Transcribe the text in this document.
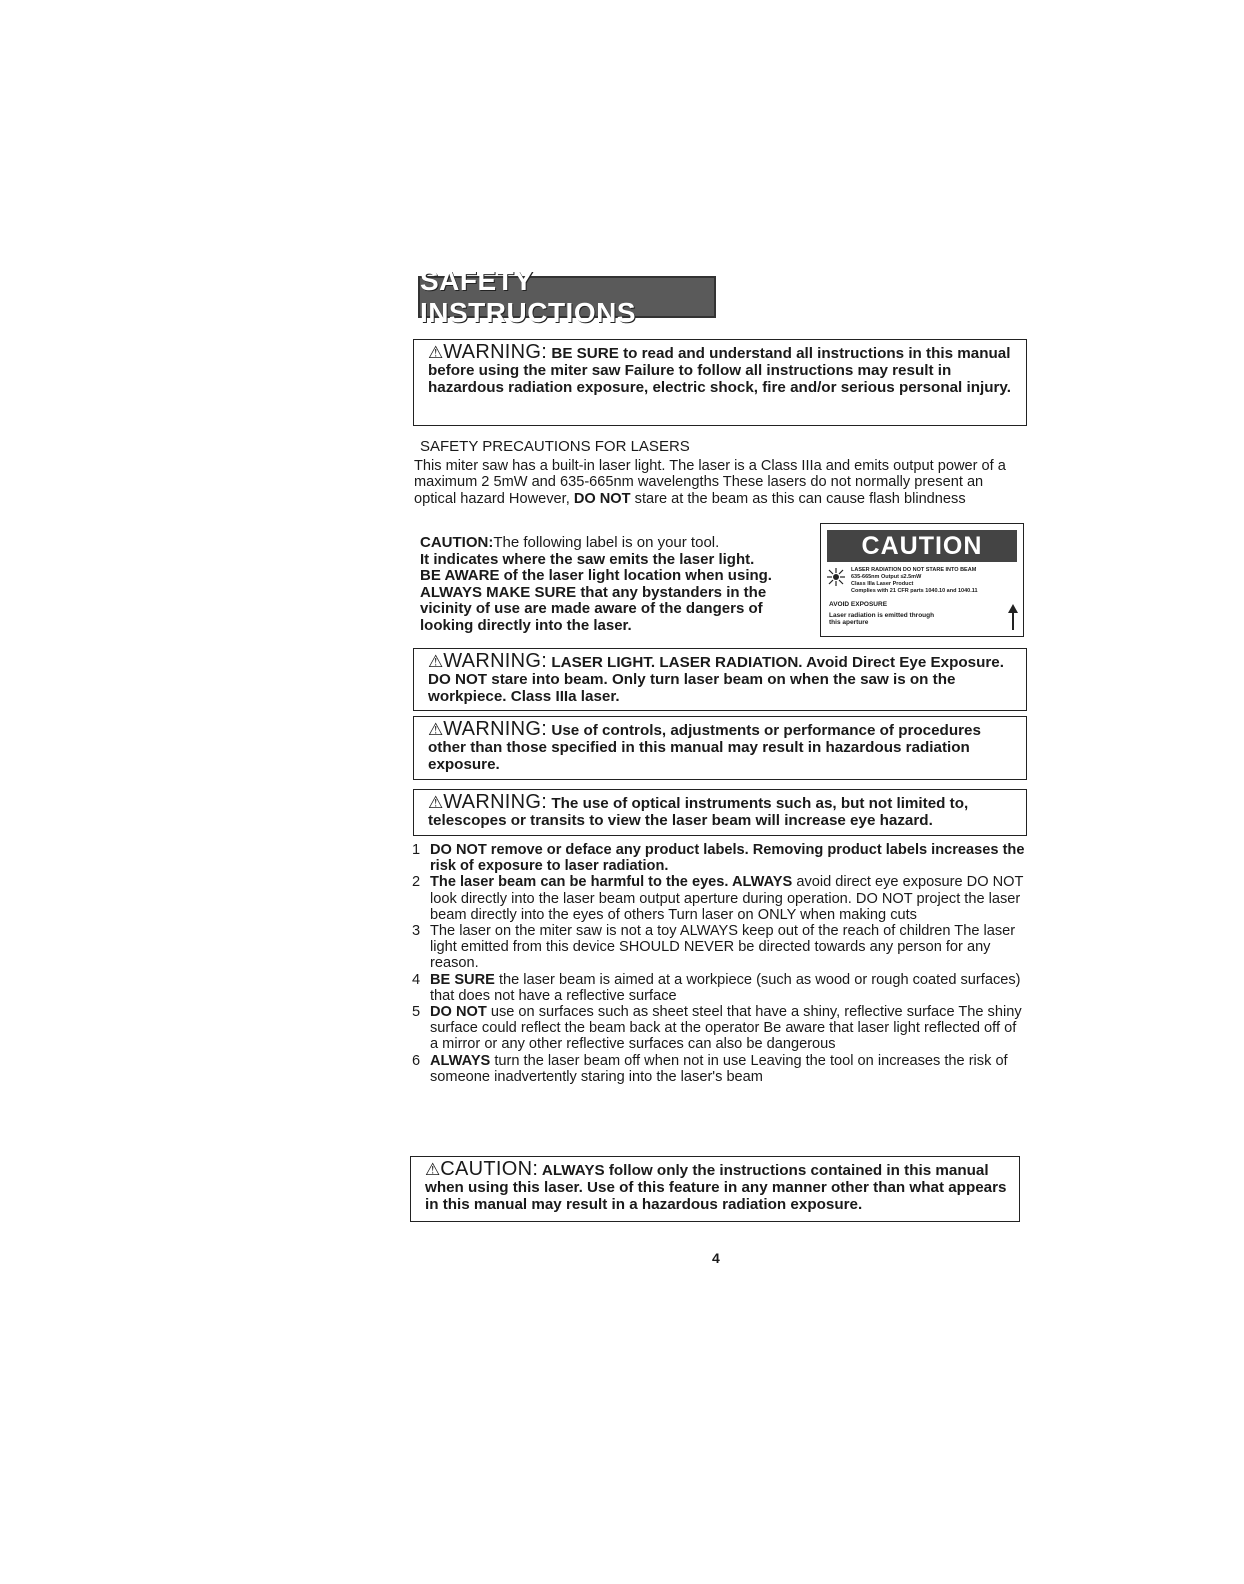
SAFETY INSTRUCTIONS
⚠WARNING: BE SURE to read and understand all instructions in this manual before using the miter saw Failure to follow all instructions may result in hazardous radiation exposure, electric shock, fire and/or serious personal injury.
SAFETY PRECAUTIONS FOR LASERS
This miter saw has a built-in laser light. The laser is a Class IIIa and emits output power of a maximum 2 5mW and 635-665nm wavelengths These lasers do not normally present an optical hazard However, DO NOT stare at the beam as this can cause flash blindness
CAUTION:The following label is on your tool.
It indicates where the saw emits the laser light.
BE AWARE of the laser light location when using.
ALWAYS MAKE SURE that any bystanders in the
vicinity of use are made aware of the dangers of
looking directly into the laser.
CAUTION
LASER RADIATION DO NOT STARE INTO BEAM
635-665nm Output ≤2.5mW
Class IIIa Laser Product
Complies with 21 CFR parts 1040.10 and 1040.11
AVOID EXPOSURE
Laser radiation is emitted through
this aperture
⚠WARNING: LASER LIGHT. LASER RADIATION. Avoid Direct Eye Exposure. DO NOT stare into beam. Only turn laser beam on when the saw is on the workpiece. Class IIIa laser.
⚠WARNING: Use of controls, adjustments or performance of procedures other than those specified in this manual may result in hazardous radiation exposure.
⚠WARNING: The use of optical instruments such as, but not limited to, telescopes or transits to view the laser beam will increase eye hazard.
1 DO NOT remove or deface any product labels. Removing product labels increases the risk of exposure to laser radiation.
2 The laser beam can be harmful to the eyes. ALWAYS avoid direct eye exposure DO NOT look directly into the laser beam output aperture during operation. DO NOT project the laser beam directly into the eyes of others Turn laser on ONLY when making cuts
3 The laser on the miter saw is not a toy ALWAYS keep out of the reach of children The laser light emitted from this device SHOULD NEVER be directed towards any person for any reason.
4 BE SURE the laser beam is aimed at a workpiece (such as wood or rough coated surfaces) that does not have a reflective surface
5 DO NOT use on surfaces such as sheet steel that have a shiny, reflective surface The shiny surface could reflect the beam back at the operator Be aware that laser light reflected off of a mirror or any other reflective surfaces can also be dangerous
6 ALWAYS turn the laser beam off when not in use Leaving the tool on increases the risk of someone inadvertently staring into the laser's beam
⚠CAUTION: ALWAYS follow only the instructions contained in this manual when using this laser. Use of this feature in any manner other than what appears in this manual may result in a hazardous radiation exposure.
4
